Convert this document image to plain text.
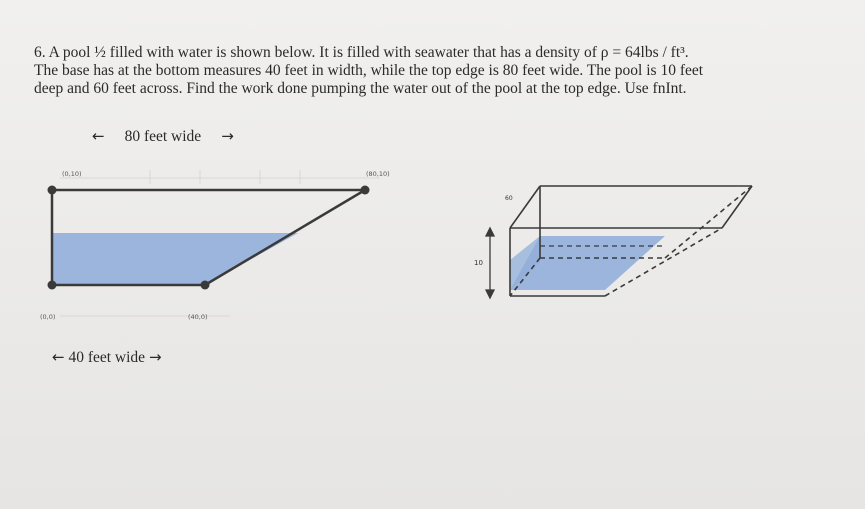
6. A pool ½ filled with water is shown below. It is filled with seawater that has a density of ρ = 64lbs / ft³.
The base has at the bottom measures 40 feet in width, while the top edge is 80 feet wide. The pool is 10 feet
deep and 60 feet across. Find the work done pumping the water out of the pool at the top edge. Use fnInt.
← 80 feet wide →
10
60
(0,10)	(80,10)
(0,0)	(40,0)
← 40 feet wide →
